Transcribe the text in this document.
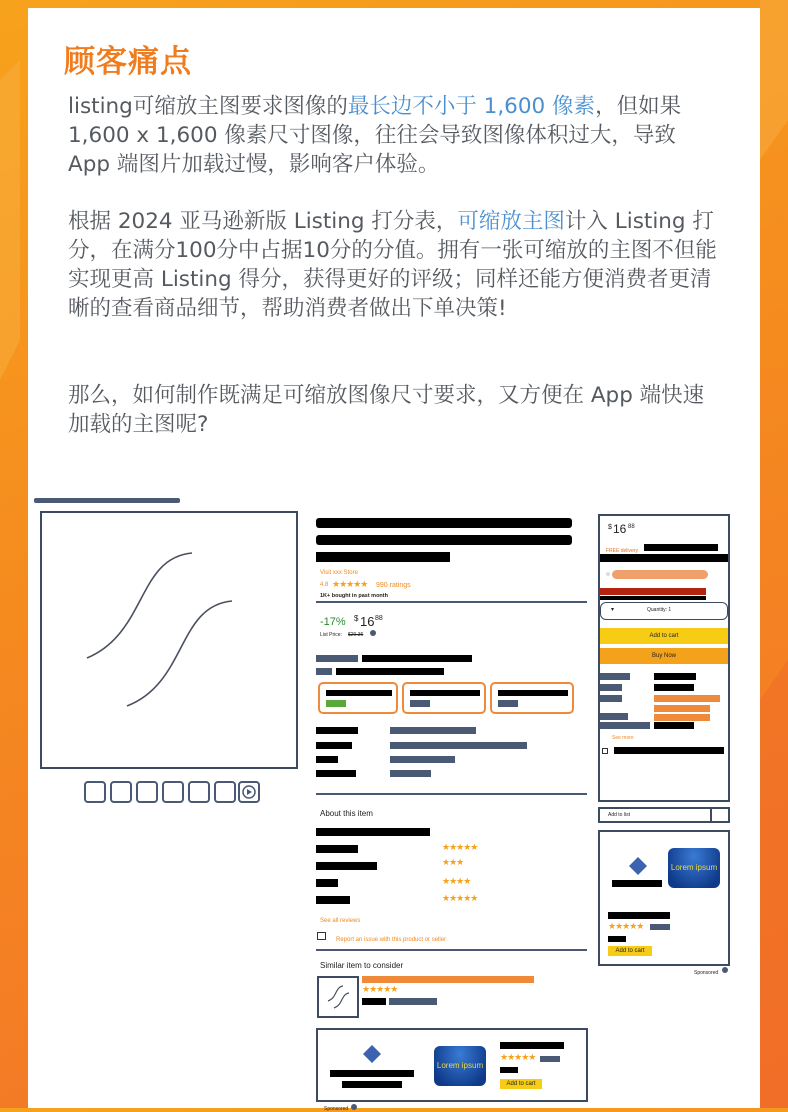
顾客痛点
listing可缩放主图要求图像的最长边不小于 1,600 像素，但如果1,600 x 1,600 像素尺寸图像，往往会导致图像体积过大，导致 App 端图片加载过慢，影响客户体验。
根据 2024 亚马逊新版 Listing 打分表，可缩放主图计入 Listing 打分，在满分100分中占据10分的分值。拥有一张可缩放的主图不但能实现更高 Listing 得分，获得更好的评级；同样还能方便消费者更清晰的查看商品细节，帮助消费者做出下单决策!
那么，如何制作既满足可缩放图像尺寸要求，又方便在 App 端快速加载的主图呢?
Visit xxx Store
4.8 ★★★★★ 990 ratings
1K+ bought in past month
-17% $ 16 88
List Price: $20.36
About this item
★★★★★
★★★
★★★★
★★★★★
See all reviews
Report an issue with this product or seller
Similar item to consider
★★★★★
Lorem ipsum
★★★★★
Add to cart
Sponsored
$ 16 88
FREE delivery
▾	Quantity: 1
Add to cart
Buy Now
See more
Add to list
Lorem ipsum
★★★★★
Add to cart
Sponsored
